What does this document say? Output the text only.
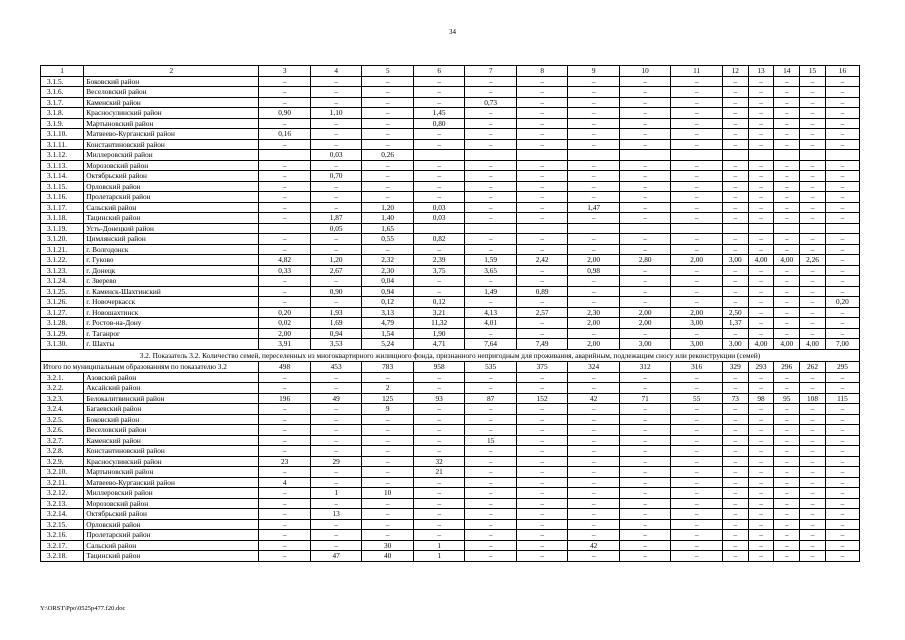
34
1	2	3	4	5	6	7	8	9	10	11	12	13	14	15	16
3.1.5.	Боковский район	–	–	–	–	–	–	–	–	–	–	–	–	–	–
3.1.6.	Веселовский район	–	–	–	–	–	–	–	–	–	–	–	–	–	–
3.1.7.	Каменский район	–	–	–	–	0,73	–	–	–	–	–	–	–	–	–
3.1.8.	Красносулинский район	0,90	1,10	–	1,45	–	–	–	–	–	–	–	–	–	–
3.1.9.	Мартыновский район	–	–	–	0,80	–	–	–	–	–	–	–	–	–	–
3.1.10.	Матвеево-Курганский район	0,16	–	–	–	–	–	–	–	–	–	–	–	–	–
3.1.11.	Константиновский район	–	–	–	–	–	–	–	–	–	–	–	–	–	–
3.1.12.	Миллеровский район		0,03	0,26											
3.1.13.	Морозовский район	–	–	–	–	–	–	–	–	–	–	–	–	–	–
3.1.14.	Октябрьский район	–	0,70	–	–	–	–	–	–	–	–	–	–	–	–
3.1.15.	Орловский район	–	–	–	–	–	–	–	–	–	–	–	–	–	–
3.1.16.	Пролетарский район	–	–	–	–	–	–	–	–	–	–	–	–	–	–
3.1.17.	Сальский район	–	–	1,20	0,03	–	–	1,47	–	–	–	–	–	–	–
3.1.18.	Тацинский район	–	1,87	1,40	0,03	–	–	–	–	–	–	–	–	–	–
3.1.19.	Усть-Донецкий район		0,05	1,65											
3.1.20.	Цимлянский район	–	–	0,55	0,82	–	–	–	–	–	–	–	–	–	–
3.1.21.	г. Волгодонск	–	–	–	–	–	–	–	–	–	–	–	–	–	–
3.1.22.	г. Гуково	4,82	1,20	2,32	2,39	1,59	2,42	2,00	2,80	2,00	3,00	4,00	4,00	2,26	–
3.1.23.	г. Донецк	0,33	2,67	2,30	3,75	3,65	–	0,98	–	–	–	–	–	–	–
3.1.24.	г. Зверево	–	–	0,04	–	–	–	–	–	–	–	–	–	–	–
3.1.25.	г. Каменск-Шахтинский	–	0,90	0,94	–	1,49	0,89	–	–	–	–	–	–	–	–
3.1.26.	г. Новочеркасск	–	–	0,12	0,12	–	–	–	–	–	–	–	–	–	0,20
3.1.27.	г. Новошахтинск	0,20	1,93	3,13	3,21	4,13	2,57	2,30	2,00	2,00	2,50	–	–	–	–
3.1.28.	г. Ростов-на-Дону	0,02	1,69	4,79	11,32	4,01	–	2,00	2,00	3,00	1,37	–	–	–	–
3.1.29.	г. Таганрог	2,00	0,94	1,54	1,90	–	–	–	–	–	–	–	–	–	–
3.1.30.	г. Шахты	3,91	3,53	5,24	4,71	7,64	7,49	2,00	3,00	3,00	3,00	4,00	4,00	4,00	7,00
3.2. Показатель 3.2. Количество семей, переселенных из многоквартирного жилищного фонда, признанного непригодным для проживания, аварийным, подлежащим сносу или реконструкции (семей)															
Итого по муниципальным образованиям по показателю 3.2		498	453	783	958	535	375	324	312	316	329	293	296	262	295
3.2.1.	Азовский район	–	–	–	–	–	–	–	–	–	–	–	–	–	–
3.2.2.	Аксайский район	–	–	2	–	–	–	–	–	–	–	–	–	–	–
3.2.3.	Белокалитвинский район	196	49	125	93	87	152	42	71	55	73	98	95	108	115
3.2.4.	Багаевский район	–	–	9	–	–	–	–	–	–	–	–	–	–	–
3.2.5.	Боковский район	–	–	–	–	–	–	–	–	–	–	–	–	–	–
3.2.6.	Веселовский район	–	–	–	–	–	–	–	–	–	–	–	–	–	–
3.2.7.	Каменский район	–	–	–	–	15	–	–	–	–	–	–	–	–	–
3.2.8.	Константиновский район	–	–	–	–	–	–	–	–	–	–	–	–	–	–
3.2.9.	Красносулинский район	23	29	–	32	–	–	–	–	–	–	–	–	–	–
3.2.10.	Мартыновский район	–	–	–	21	–	–	–	–	–	–	–	–	–	–
3.2.11.	Матвеево-Курганский район	4	–	–	–	–	–	–	–	–	–	–	–	–	–
3.2.12.	Миллеровский район	–	1	10	–	–	–	–	–	–	–	–	–	–	–
3.2.13.	Морозовский район	–	–	–	–	–	–	–	–	–	–	–	–	–	–
3.2.14.	Октябрьский район	–	13	–	–	–	–	–	–	–	–	–	–	–	–
3.2.15.	Орловский район	–	–	–	–	–	–	–	–	–	–	–	–	–	–
3.2.16.	Пролетарский район	–	–	–	–	–	–	–	–	–	–	–	–	–	–
3.2.17.	Сальский район	–	–	30	1	–	–	42	–	–	–	–	–	–	–
3.2.18.	Тацинский район	–	47	40	1	–	–	–	–	–	–	–	–	–	–
Y:\ORST\Ppo\0525p477.f20.doc
